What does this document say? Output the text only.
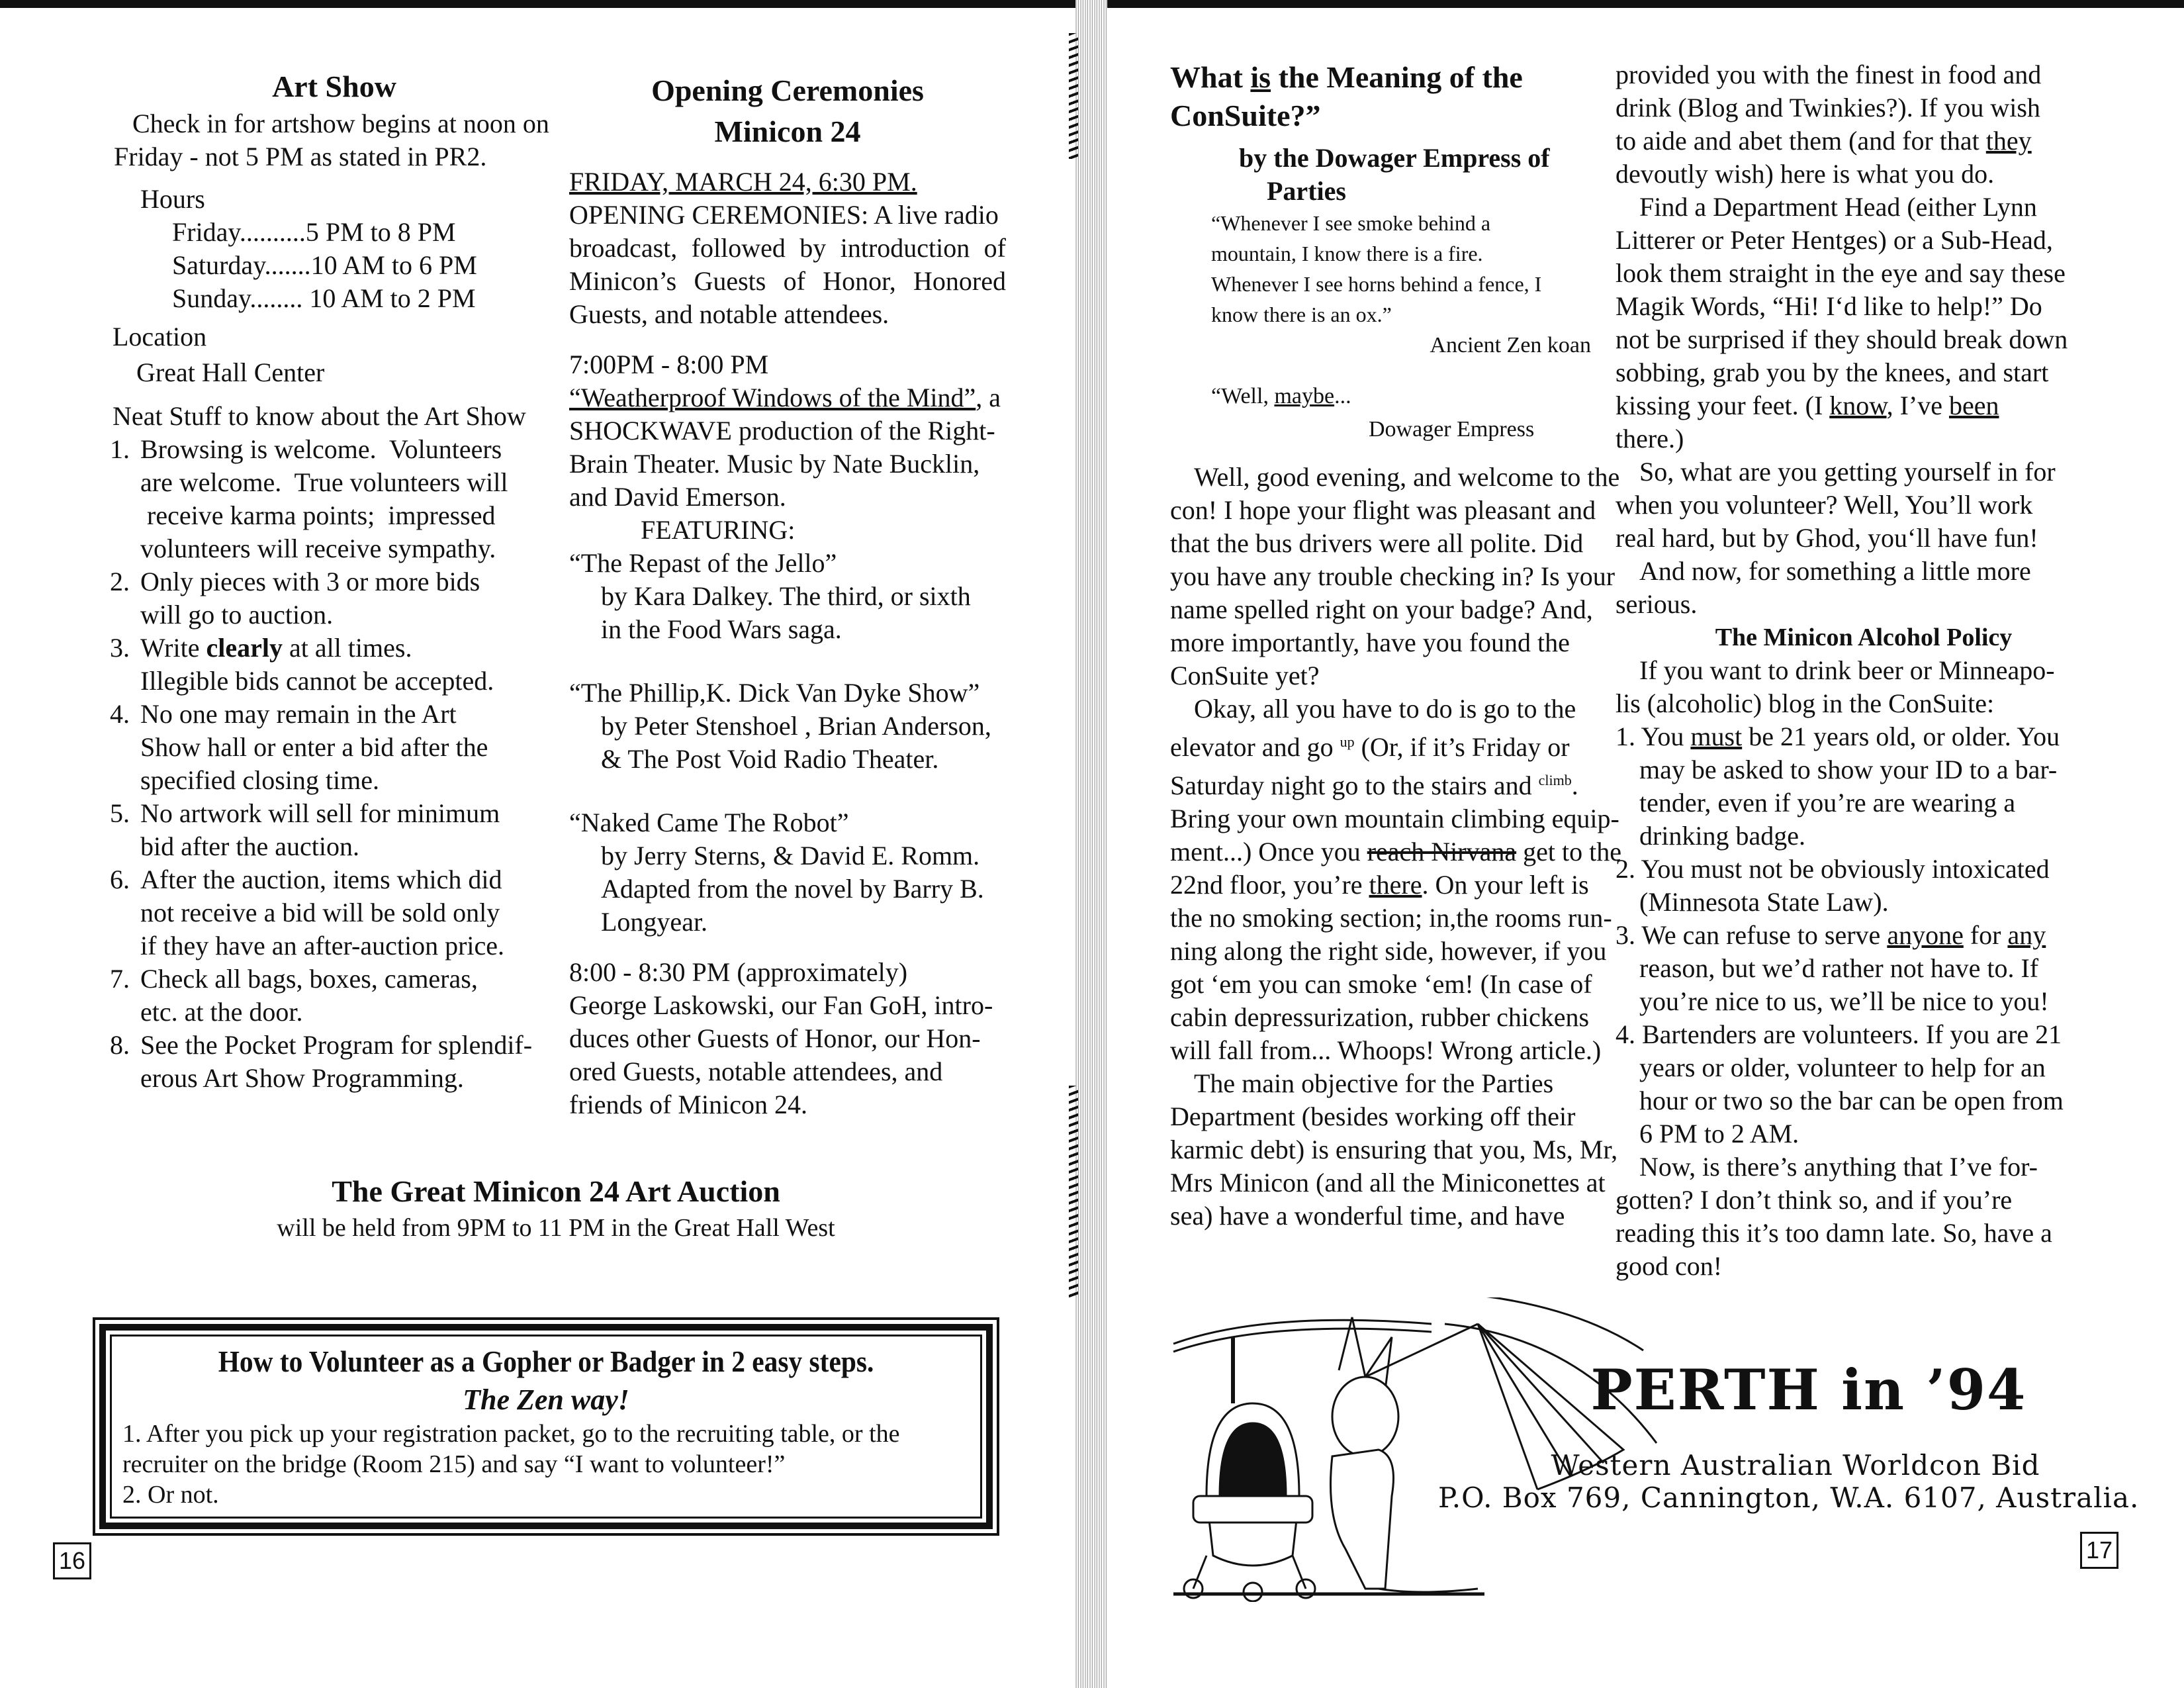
Art Show
Check in for artshow begins at noon on
Friday - not 5 PM as stated in PR2.
Hours
Friday..........5 PM to 8 PM
Saturday.......10 AM to 6 PM
Sunday........ 10 AM to 2 PM
Location
Great Hall Center
Neat Stuff to know about the Art Show
1. Browsing is welcome.  Volunteers
are welcome.  True volunteers will
receive karma points;  impressed
volunteers will receive sympathy.
2. Only pieces with 3 or more bids
will go to auction.
3. Write clearly at all times.
Illegible bids cannot be accepted.
4. No one may remain in the Art
Show hall or enter a bid after the
specified closing time.
5. No artwork will sell for minimum
bid after the auction.
6. After the auction, items which did
not receive a bid will be sold only
if they have an after-auction price.
7. Check all bags, boxes, cameras,
etc. at the door.
8. See the Pocket Program for splendif-
erous Art Show Programming.
Opening Ceremonies
Minicon 24
FRIDAY, MARCH 24, 6:30 PM.
OPENING CEREMONIES: A live radio
broadcast, followed by introduction of
Minicon’s Guests of Honor, Honored
Guests, and notable attendees.
7:00PM - 8:00 PM
“Weatherproof Windows of the Mind”, a
SHOCKWAVE production of the Right-
Brain Theater. Music by Nate Bucklin,
and David Emerson.
FEATURING:
“The Repast of the Jello”
by Kara Dalkey. The third, or sixth
in the Food Wars saga.
“The Phillip,K. Dick Van Dyke Show”
by Peter Stenshoel , Brian Anderson,
& The Post Void Radio Theater.
“Naked Came The Robot”
by Jerry Sterns, & David E. Romm.
Adapted from the novel by Barry B.
Longyear.
8:00 - 8:30 PM (approximately)
George Laskowski, our Fan GoH, intro-
duces other Guests of Honor, our Hon-
ored Guests, notable attendees, and
friends of Minicon 24.
The Great Minicon 24 Art Auction
will be held from 9PM to 11 PM in the Great Hall West
How to Volunteer as a Gopher or Badger in 2 easy steps.
The Zen way!
1. After you pick up your registration packet, go to the recruiting table, or the
recruiter on the bridge (Room 215) and say “I want to volunteer!”
2. Or not.
16
What is the Meaning of the
ConSuite?”
by the Dowager Empress of
Parties
“Whenever I see smoke behind a
mountain, I know there is a fire.
Whenever I see horns behind a fence, I
know there is an ox.”
Ancient Zen koan
“Well, maybe...
Dowager Empress
Well, good evening, and welcome to the
con! I hope your flight was pleasant and
that the bus drivers were all polite. Did
you have any trouble checking in? Is your
name spelled right on your badge? And,
more importantly, have you found the
ConSuite yet?
Okay, all you have to do is go to the
elevator and go $^{up}$ (Or, if it’s Friday or
Saturday night go to the stairs and $^{climb}$.
Bring your own mountain climbing equip-
ment...) Once you reach Nirvana get to the
22nd floor, you’re there. On your left is
the no smoking section; in,the rooms run-
ning along the right side, however, if you
got ‘em you can smoke ‘em! (In case of
cabin depressurization, rubber chickens
will fall from... Whoops! Wrong article.)
The main objective for the Parties
Department (besides working off their
karmic debt) is ensuring that you, Ms, Mr,
Mrs Minicon (and all the Miniconettes at
sea) have a wonderful time, and have
provided you with the finest in food and
drink (Blog and Twinkies?). If you wish
to aide and abet them (and for that they
devoutly wish) here is what you do.
Find a Department Head (either Lynn
Litterer or Peter Hentges) or a Sub-Head,
look them straight in the eye and say these
Magik Words, “Hi! I‘d like to help!” Do
not be surprised if they should break down
sobbing, grab you by the knees, and start
kissing your feet. (I know, I’ve been
there.)
So, what are you getting yourself in for
when you volunteer? Well, You’ll work
real hard, but by Ghod, you‘ll have fun!
And now, for something a little more
serious.
The Minicon Alcohol Policy
If you want to drink beer or Minneapo-
lis (alcoholic) blog in the ConSuite:
1. You must be 21 years old, or older. You
may be asked to show your ID to a bar-
tender, even if you’re are wearing a
drinking badge.
2. You must not be obviously intoxicated
(Minnesota State Law).
3. We can refuse to serve anyone for any
reason, but we’d rather not have to. If
you’re nice to us, we’ll be nice to you!
4. Bartenders are volunteers. If you are 21
years or older, volunteer to help for an
hour or two so the bar can be open from
6 PM to 2 AM.
Now, is there’s anything that I’ve for-
gotten? I don’t think so, and if you’re
reading this it’s too damn late. So, have a
good con!
PERTH in ’94
Western Australian Worldcon Bid
P.O. Box 769, Cannington, W.A. 6107, Australia.
17
